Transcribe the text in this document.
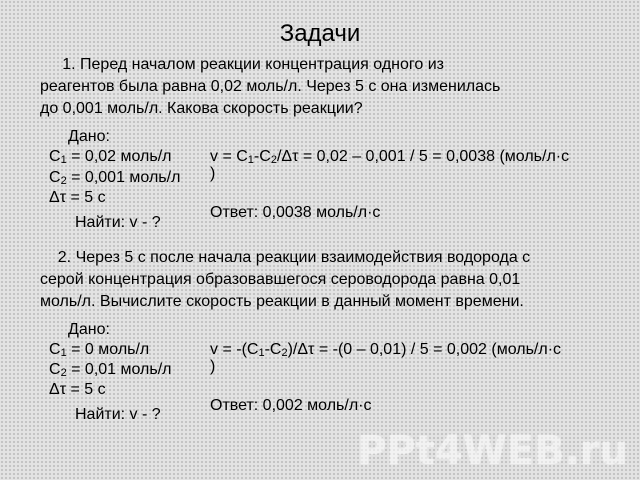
Задачи
1. Перед началом реакции концентрация одного из
реагентов была равна 0,02 моль/л. Через 5 с она изменилась
до 0,001 моль/л. Какова скорость реакции?
Дано:
C1 = 0,02 моль/л
C2 = 0,001 моль/л
Δτ = 5 с
Найти: v - ?
v = C1-C2/Δτ = 0,02 – 0,001 / 5 = 0,0038 (моль/л·с
)
Ответ: 0,0038 моль/л·с
2. Через 5 с после начала реакции взаимодействия водорода с
серой концентрация образовавшегося сероводорода равна 0,01
моль/л. Вычислите скорость реакции в данный момент времени.
Дано:
C1 = 0 моль/л
C2 = 0,01 моль/л
Δτ = 5 с
Найти: v - ?
v = -(C1-C2)/Δτ = -(0 – 0,01) / 5 = 0,002 (моль/л·с
)
Ответ: 0,002 моль/л·с
PPt4WEB.ru
